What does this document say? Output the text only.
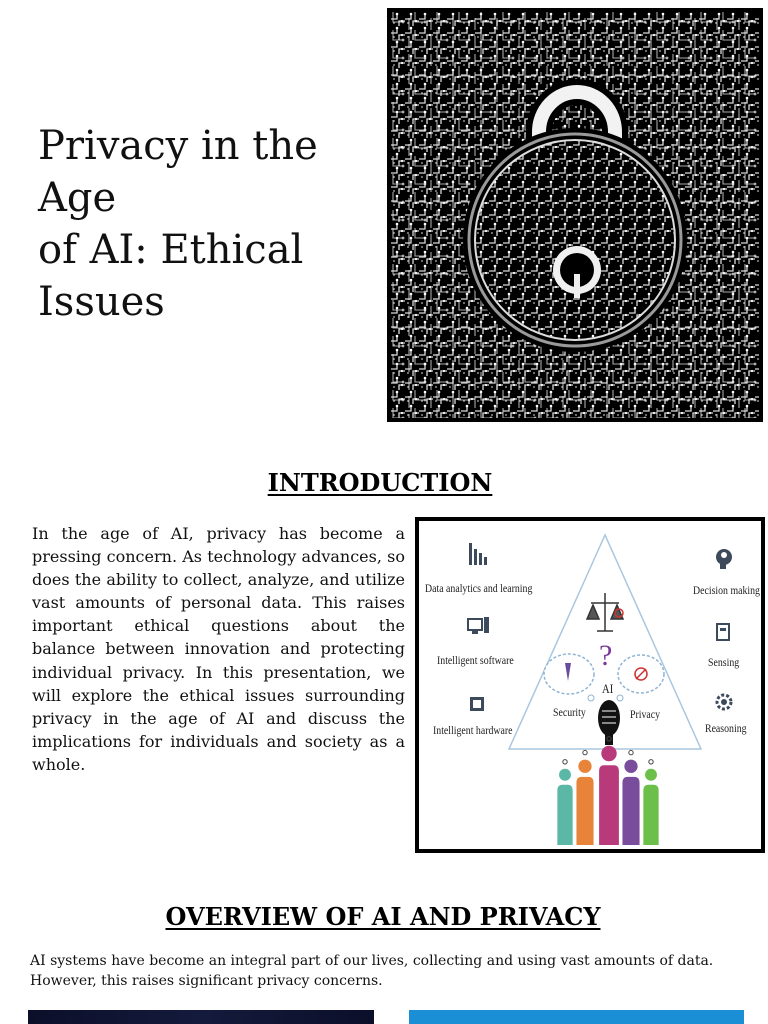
Privacy in the Age
of AI: Ethical
Issues
INTRODUCTION

In the age of AI, privacy has become a pressing concern. As technology advances, so does the ability to collect, analyze, and utilize vast amounts of personal data. This raises important ethical questions about the balance between innovation and protecting individual privacy. In this presentation, we will explore the ethical issues surrounding privacy in the age of AI and discuss the implications for individuals and society as a whole.

Data analytics and learning
Intelligent software
Intelligent hardware
Decision making
Sensing
Reasoning
Security	Privacy
AI
?
OVERVIEW OF AI AND PRIVACY

AI systems have become an integral part of our lives, collecting and using vast amounts of data.
However, this raises significant privacy concerns.
